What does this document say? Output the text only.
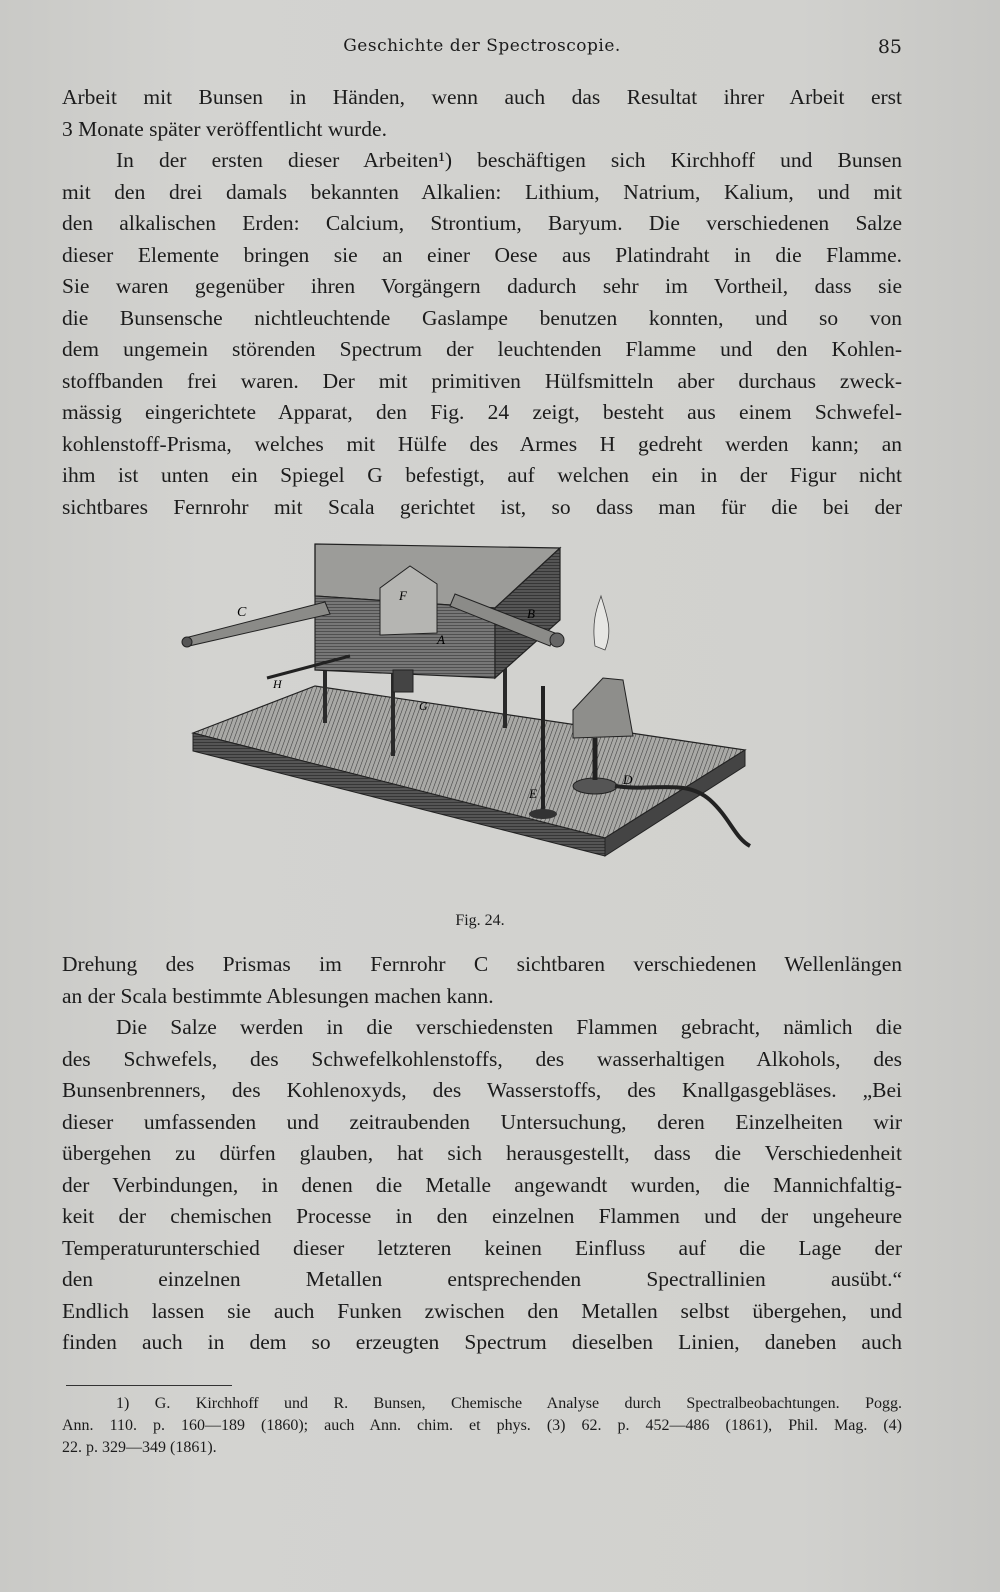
Geschichte der Spectroscopie.	85
Arbeit mit Bunsen in Händen, wenn auch das Resultat ihrer Arbeit erst
3 Monate später veröffentlicht wurde.
In der ersten dieser Arbeiten¹) beschäftigen sich Kirchhoff und Bunsen
mit den drei damals bekannten Alkalien: Lithium, Natrium, Kalium, und mit
den alkalischen Erden: Calcium, Strontium, Baryum. Die verschiedenen Salze
dieser Elemente bringen sie an einer Oese aus Platindraht in die Flamme.
Sie waren gegenüber ihren Vorgängern dadurch sehr im Vortheil, dass sie
die Bunsensche nichtleuchtende Gaslampe benutzen konnten, und so von
dem ungemein störenden Spectrum der leuchtenden Flamme und den Kohlen-
stoffbanden frei waren. Der mit primitiven Hülfsmitteln aber durchaus zweck-
mässig eingerichtete Apparat, den Fig. 24 zeigt, besteht aus einem Schwefel-
kohlenstoff-Prisma, welches mit Hülfe des Armes H gedreht werden kann; an
ihm ist unten ein Spiegel G befestigt, auf welchen ein in der Figur nicht
sichtbares Fernrohr mit Scala gerichtet ist, so dass man für die bei der
C
H
F
A
B
G
E
D
Fig. 24.
Drehung des Prismas im Fernrohr C sichtbaren verschiedenen Wellenlängen
an der Scala bestimmte Ablesungen machen kann.
Die Salze werden in die verschiedensten Flammen gebracht, nämlich die
des Schwefels, des Schwefelkohlenstoffs, des wasserhaltigen Alkohols, des
Bunsenbrenners, des Kohlenoxyds, des Wasserstoffs, des Knallgasgebläses. „Bei
dieser umfassenden und zeitraubenden Untersuchung, deren Einzelheiten wir
übergehen zu dürfen glauben, hat sich herausgestellt, dass die Verschiedenheit
der Verbindungen, in denen die Metalle angewandt wurden, die Mannichfaltig-
keit der chemischen Processe in den einzelnen Flammen und der ungeheure
Temperaturunterschied dieser letzteren keinen Einfluss auf die Lage der
den einzelnen Metallen entsprechenden Spectrallinien ausübt.“
Endlich lassen sie auch Funken zwischen den Metallen selbst übergehen, und
finden auch in dem so erzeugten Spectrum dieselben Linien, daneben auch
1) G. Kirchhoff und R. Bunsen, Chemische Analyse durch Spectralbeobachtungen. Pogg.
Ann. 110. p. 160—189 (1860); auch Ann. chim. et phys. (3) 62. p. 452—486 (1861), Phil. Mag. (4)
22. p. 329—349 (1861).
